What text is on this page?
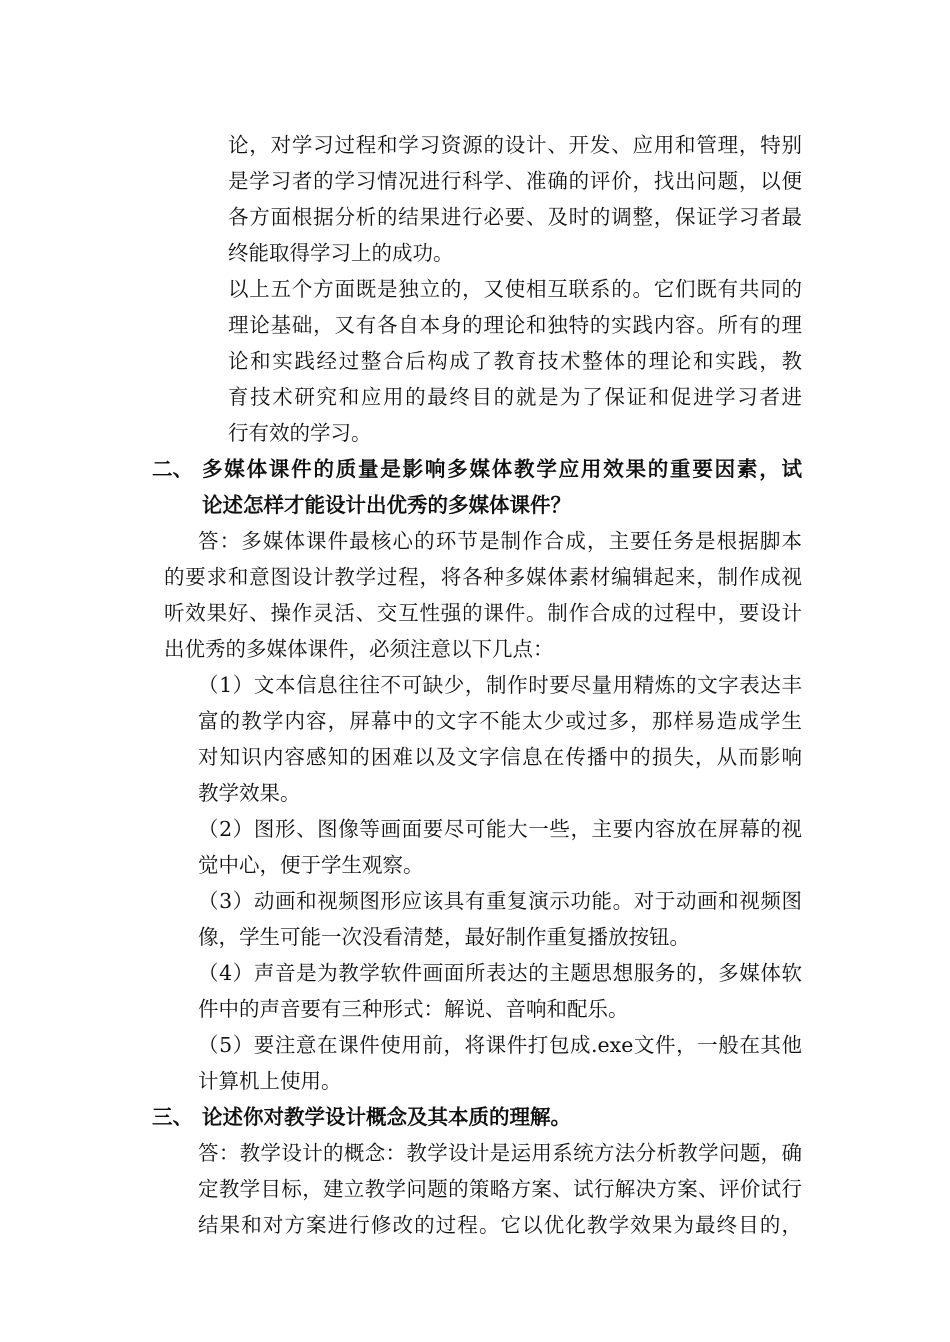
论，对学习过程和学习资源的设计、开发、应用和管理，特别
是学习者的学习情况进行科学、准确的评价，找出问题，以便
各方面根据分析的结果进行必要、及时的调整，保证学习者最
终能取得学习上的成功。
以上五个方面既是独立的，又使相互联系的。它们既有共同的
理论基础，又有各自本身的理论和独特的实践内容。所有的理
论和实践经过整合后构成了教育技术整体的理论和实践，教
育技术研究和应用的最终目的就是为了保证和促进学习者进
行有效的学习。
二、 多媒体课件的质量是影响多媒体教学应用效果的重要因素，试
论述怎样才能设计出优秀的多媒体课件？
答：多媒体课件最核心的环节是制作合成，主要任务是根据脚本
的要求和意图设计教学过程，将各种多媒体素材编辑起来，制作成视
听效果好、操作灵活、交互性强的课件。制作合成的过程中，要设计
出优秀的多媒体课件，必须注意以下几点：
（1）文本信息往往不可缺少，制作时要尽量用精炼的文字表达丰
富的教学内容，屏幕中的文字不能太少或过多，那样易造成学生
对知识内容感知的困难以及文字信息在传播中的损失，从而影响
教学效果。
（2）图形、图像等画面要尽可能大一些，主要内容放在屏幕的视
觉中心，便于学生观察。
（3）动画和视频图形应该具有重复演示功能。对于动画和视频图
像，学生可能一次没看清楚，最好制作重复播放按钮。
（4）声音是为教学软件画面所表达的主题思想服务的，多媒体软
件中的声音要有三种形式：解说、音响和配乐。
（5）要注意在课件使用前，将课件打包成.exe文件，一般在其他
计算机上使用。
三、 论述你对教学设计概念及其本质的理解。
答：教学设计的概念：教学设计是运用系统方法分析教学问题，确
定教学目标，建立教学问题的策略方案、试行解决方案、评价试行
结果和对方案进行修改的过程。它以优化教学效果为最终目的，
